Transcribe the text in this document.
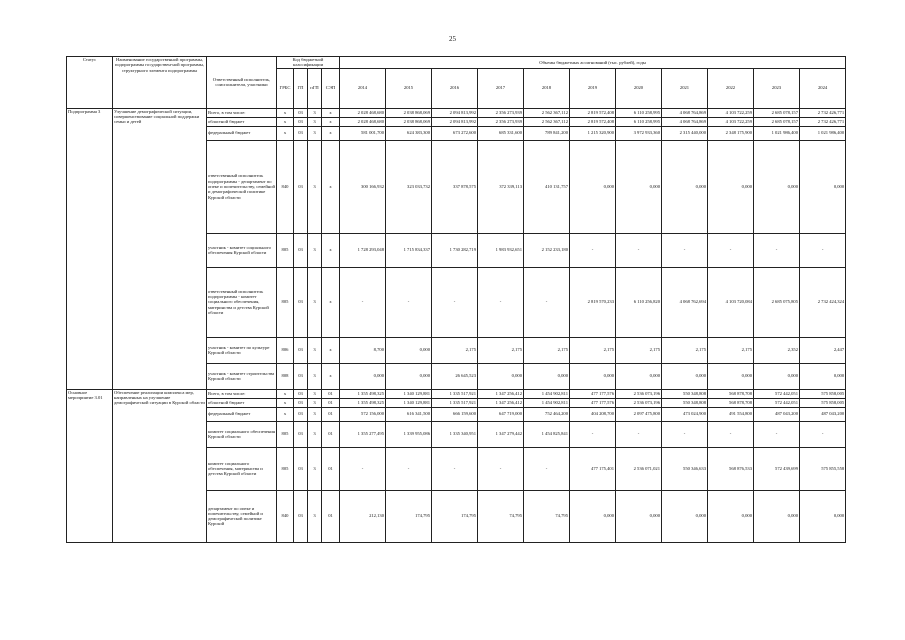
25
Статус	Наименование государственной программы, подпрограммы государствен-ной программы, структурного элемента подпрограммы	Ответственный исполнитель, соисполнители, участники	Код бюджетной классификации				Объемы бюджетных ассигнований (тыс. рублей), годы										
			ГРБС	ГП	пГП	СЭП	2014	2015	2016	2017	2018	2019	2020	2021	2022	2023	2024
Подпрограмма 3	Улучшение демографической ситуации, совершенствование социальной поддержки семьи и детей	Всего, в том числе:	x	03	3	x	2 028 468,680	2 038 868,069	2 094 813,992	2 356 273,939	2 562 367,112	2 819 572,408	6 110 258,995	4 068 764,869	4 103 722,259	2 685 078,157	2 732 426,771
		областной бюджет	x	03	3	x	2 028 468,680	2 038 868,069	2 094 813,992	2 356 273,939	2 562 367,112	2 819 572,408	6 110 258,995	4 068 764,869	4 103 722,259	2 685 078,157	2 732 426,771
		федеральный бюджет	x	03	3	x	581 001,700	624 383,300	673 272,600	685 331,600	789 841,200	1 215 320,900	3 972 933,360	2 315 440,000	2 348 175,900	1 021 986,400	1 021 986,400
		ответственный исполнитель подпрограммы - департамент по опеке и попечительству, семейной и демографической политике Курской области	840	03	3	x	300 166,932	323 033,732	337 878,575	372 339,113	410 131,757	0,000	0,000	0,000	0,000	0,000	0,000
		участник - комитет социального обеспечения Курской области	805	03	3	x	1 728 293,048	1 715 834,337	1 730 282,719	1 983 932,651	2 152 233,180	-	-	-	-	-	-
		ответственный исполнитель подпрограммы - комитет социального обеспечения, материнства и детства Курской области	805	03	3	x	-	-	-	-	-	2 819 570,233	6 110 256,820	4 068 762,694	4 103 720,084	2 685 075,805	2 732 424,324
		участник - комитет по культуре Курской области	806	03	3	x	8,700	0,000	2,175	2,175	2,175	2,175	2,175	2,175	2,175	2,352	2,447
		участник - комитет строительства Курской области	808	03	3	x	0,000	0,000	26 645,523	0,000	0,000	0,000	0,000	0,000	0,000	0,000	0,000
Основное мероприятие 3.01	Обеспечение реализации комплекса мер, направленных на улучшение демографической ситуации в Курской области	Всего, в том числе:	x	03	3	01	1 355 498,325	1 340 129,881	1 335 517,921	1 347 256,412	1 454 902,811	477 177,576	2 536 073,196	550 348,808	568 878,708	572 442,051	575 858,005
		областной бюджет	x	03	3	01	1 355 498,325	1 340 129,881	1 335 517,921	1 347 256,412	1 454 902,811	477 177,576	2 536 073,196	550 348,808	568 878,708	572 442,051	575 858,005
		федеральный бюджет	x	03	3	01	572 156,000	616 341,500	666 159,600	647 719,000	752 464,200	404 208,700	2 097 475,800	473 024,900	491 554,800	487 043,200	487 043,200
		комитет социального обеспечения Курской области	805	03	3	01	1 355 277,495	1 339 955,086	1 335 340,951	1 347 279,442	1 454 825,841	-	-	-	-	-	-
		комитет социального обеспечения, материнства и детства Курской области	805	03	3	01	-	-	-	-	-	477 175,401	2 536 071,021	550 346,633	568 876,533	572 439,699	575 855,558
		департамент по опеке и попечительству, семейной и демографической политике Курской	840	03	3	01	212,130	174,795	174,795	74,795	74,795	0,000	0,000	0,000	0,000	0,000	0,000
